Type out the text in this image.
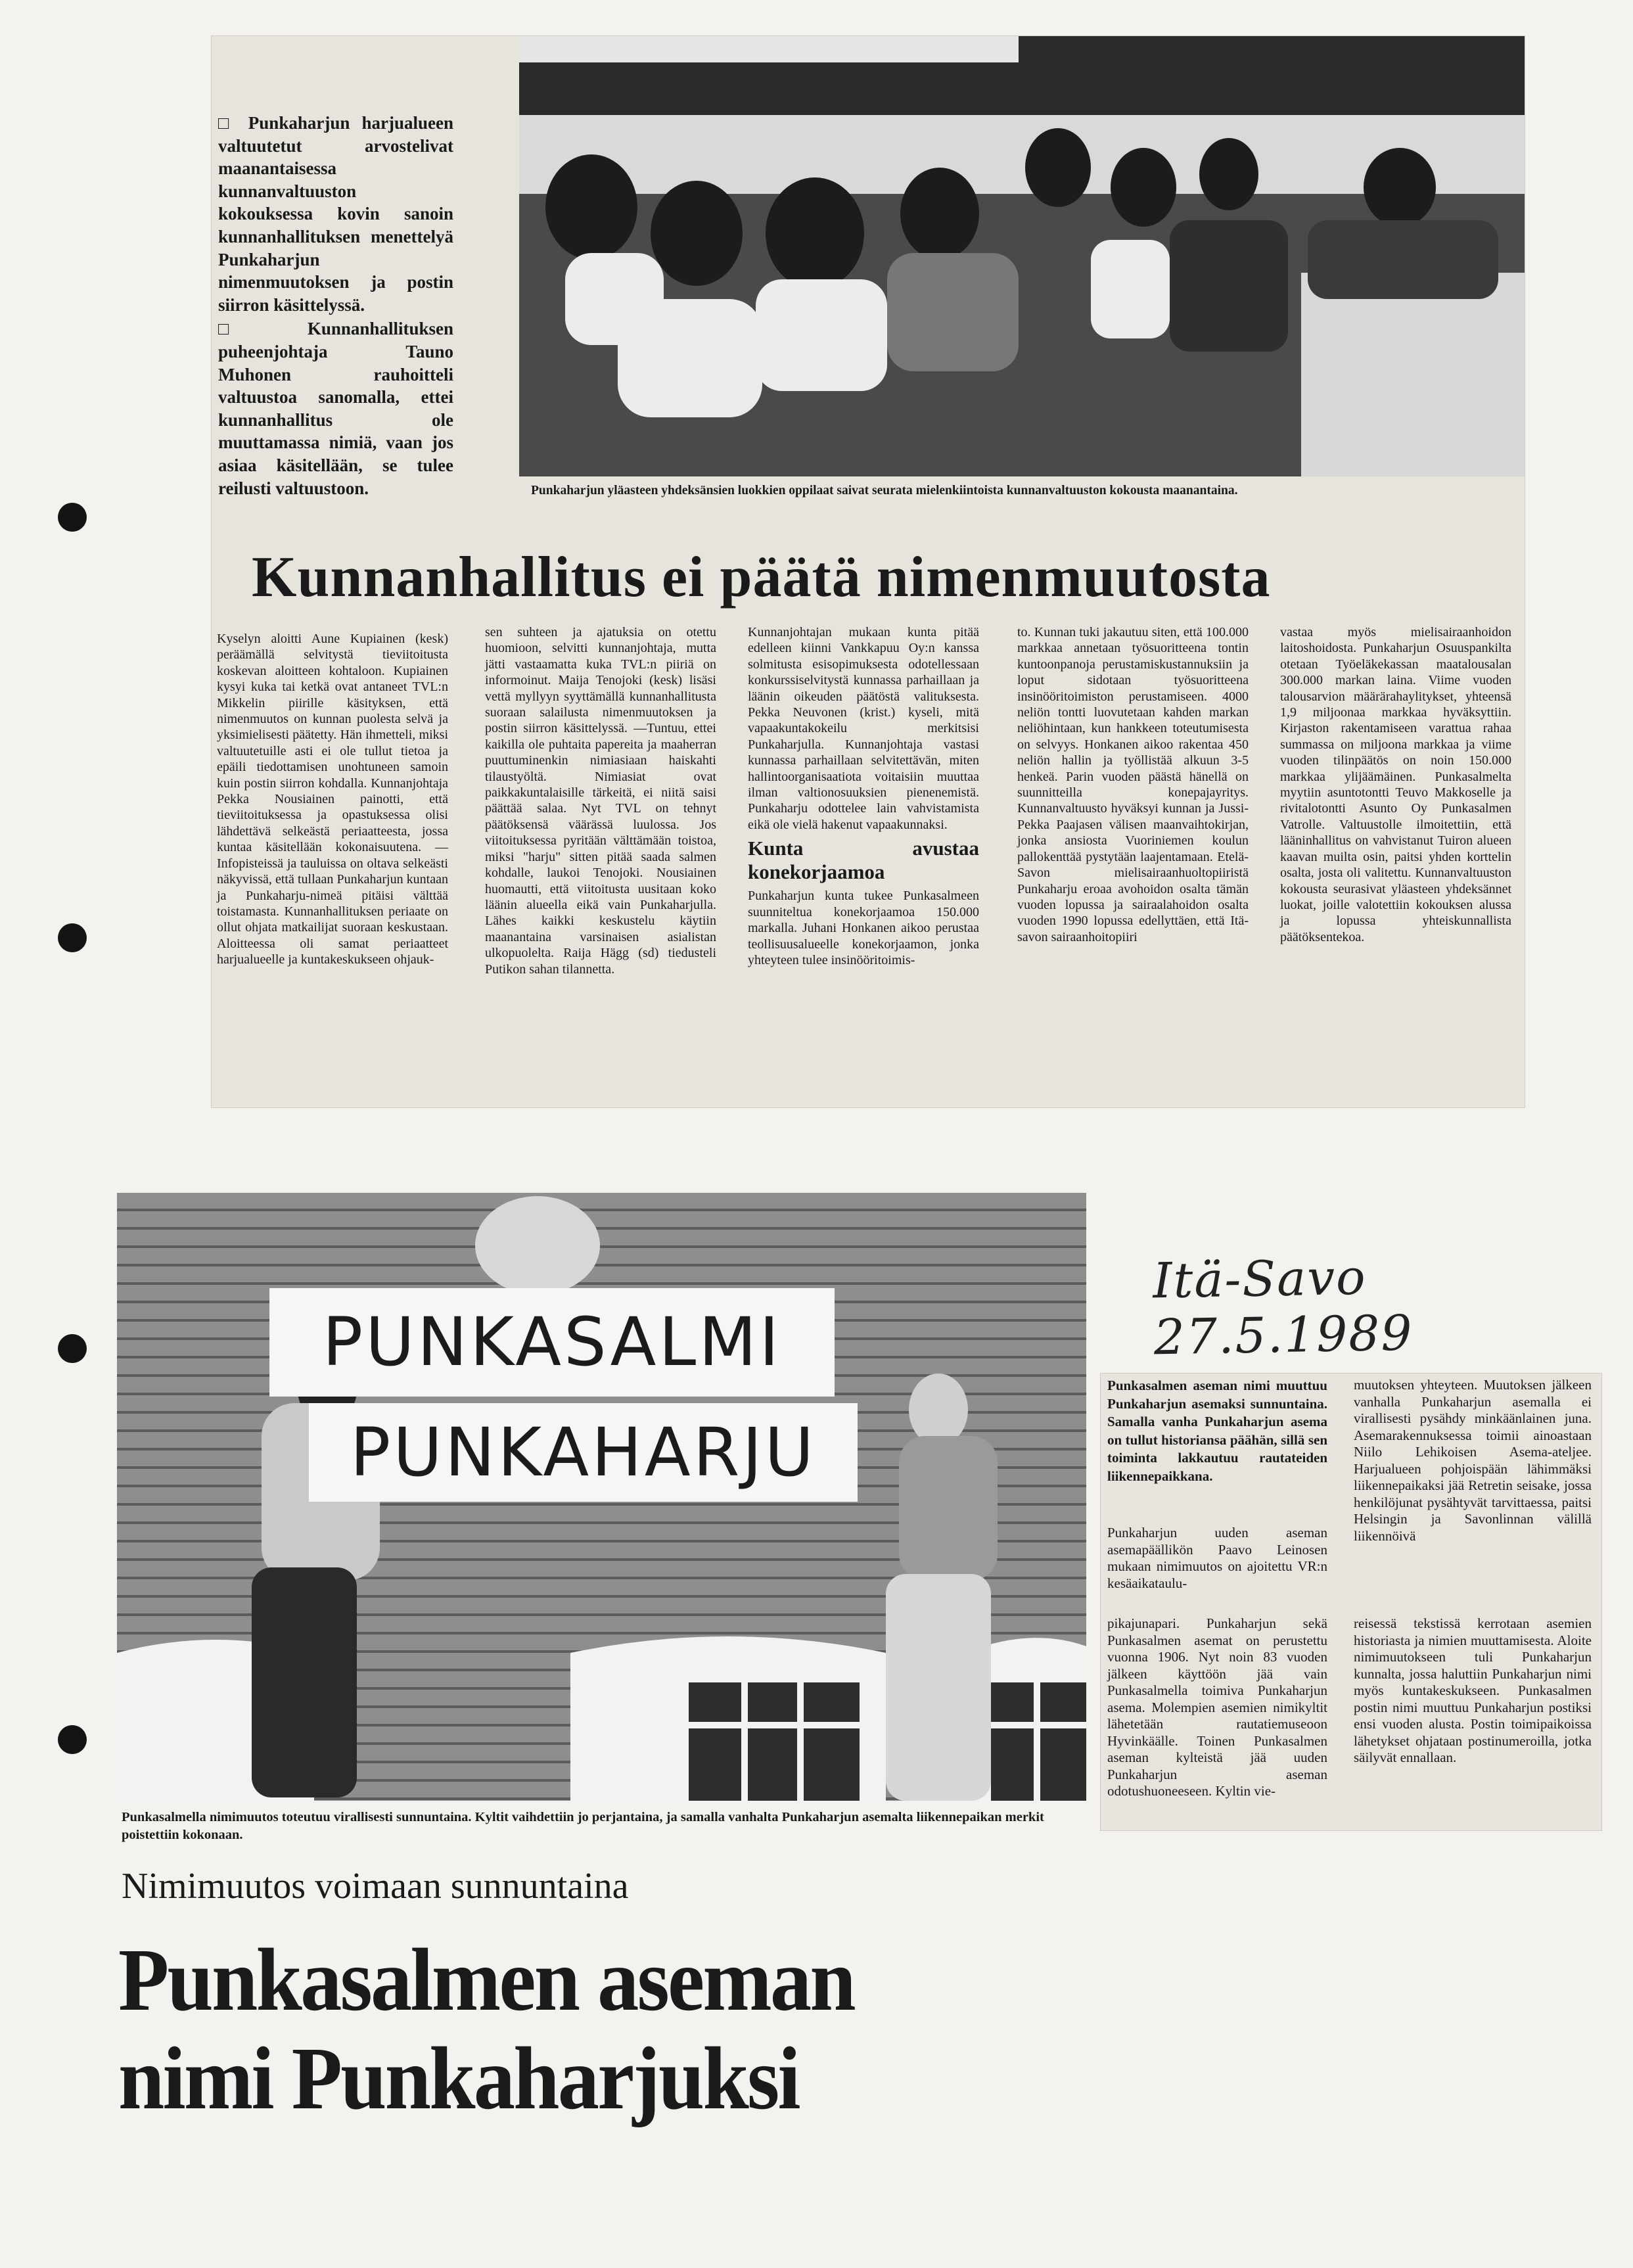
Itä-Savo 27.5.1989

□ Punkaharjun harjualueen valtuutetut arvostelivat maanantaisessa kunnanvaltuuston kokouksessa kovin sanoin kunnanhallituksen menettelyä Punkaharjun nimenmuutoksen ja postin siirron käsittelyssä.

□ Kunnanhallituksen puheenjohtaja Tauno Muhonen rauhoitteli valtuustoa sanomalla, ettei kunnanhallitus ole muuttamassa nimiä, vaan jos asiaa käsitellään, se tulee reilusti valtuustoon.	Punkaharjun yläasteen yhdeksänsien luokkien oppilaat saivat seurata mielenkiintoista kunnanvaltuuston kokousta maanantaina.
Kunnanhallitus ei päätä nimenmuutosta
Kyselyn aloitti Aune Kupiainen (kesk) peräämällä selvitystä tieviitoitusta koskevan aloitteen kohtaloon. Kupiainen kysyi kuka tai ketkä ovat antaneet TVL:n Mikkelin piirille käsityksen, että nimenmuutos on kunnan puolesta selvä ja yksimielisesti päätetty. Hän ihmetteli, miksi valtuutetuille asti ei ole tullut tietoa ja epäili tiedottamisen unohtuneen samoin kuin postin siirron kohdalla. Kunnanjohtaja Pekka Nousiainen painotti, että tieviitoituksessa ja opastuksessa olisi lähdettävä selkeästä periaatteesta, jossa kuntaa käsitellään kokonaisuutena. —Infopisteissä ja tauluissa on oltava selkeästi näkyvissä, että tullaan Punkaharjun kuntaan ja Punkaharju-nimeä pitäisi välttää toistamasta. Kunnanhallituksen periaate on ollut ohjata matkailijat suoraan keskustaan. Aloitteessa oli samat periaatteet harjualueelle ja kuntakeskukseen ohjauk-
sen suhteen ja ajatuksia on otettu huomioon, selvitti kunnanjohtaja, mutta jätti vastaamatta kuka TVL:n piiriä on informoinut. Maija Tenojoki (kesk) lisäsi vettä myllyyn syyttämällä kunnanhallitusta suoraan salailusta nimenmuutoksen ja postin siirron käsittelyssä. —Tuntuu, ettei kaikilla ole puhtaita papereita ja maaherran puuttuminenkin nimiasiaan haiskahti tilaustyöltä. Nimiasiat ovat paikkakuntalaisille tärkeitä, ei niitä saisi päättää salaa. Nyt TVL on tehnyt päätöksensä väärässä luulossa. Jos viitoituksessa pyritään välttämään toistoa, miksi "harju" sitten pitää saada salmen kohdalle, laukoi Tenojoki. Nousiainen huomautti, että viitoitusta uusitaan koko läänin alueella eikä vain Punkaharjulla. Lähes kaikki keskustelu käytiin maanantaina varsinaisen asialistan ulkopuolelta. Raija Hägg (sd) tiedusteli Putikon sahan tilannetta.

Kunnanjohtajan mukaan kunta pitää edelleen kiinni Vankkapuu Oy:n kanssa solmitusta esisopimuksesta odotellessaan konkurssiselvitystä kunnassa parhaillaan ja läänin oikeuden päätöstä valituksesta. Pekka Neuvonen (krist.) kyseli, mitä vapaakuntakokeilu merkitsisi Punkaharjulla. Kunnanjohtaja vastasi kunnassa parhaillaan selvitettävän, miten hallintoorganisaatiota voitaisiin muuttaa ilman valtionosuuksien pienenemistä. Punkaharju odottelee lain vahvistamista eikä ole vielä hakenut vapaakunnaksi.

Kunta avustaa konekorjaamoa

Punkaharjun kunta tukee Punkasalmeen suunniteltua konekorjaamoa 150.000 markalla. Juhani Honkanen aikoo perustaa teollisuusalueelle konekorjaamon, jonka yhteyteen tulee insinööritoimis-

to. Kunnan tuki jakautuu siten, että 100.000 markkaa annetaan työsuoritteena tontin kuntoonpanoja perustamiskustannuksiin ja loput sidotaan työsuoritteena insinööritoimiston perustamiseen. 4000 neliön tontti luovutetaan kahden markan neliöhintaan, kun hankkeen toteutumisesta on selvyys. Honkanen aikoo rakentaa 450 neliön hallin ja työllistää alkuun 3-5 henkeä. Parin vuoden päästä hänellä on suunnitteilla konepajayritys. Kunnanvaltuusto hyväksyi kunnan ja Jussi-Pekka Paajasen välisen maanvaihtokirjan, jonka ansiosta Vuoriniemen koulun pallokenttää pystytään laajentamaan. Etelä-Savon mielisairaanhuoltopiiristä Punkaharju eroaa avohoidon osalta tämän vuoden lopussa ja sairaalahoidon osalta vuoden 1990 lopussa edellyttäen, että Itä-savon sairaanhoitopiiri
vastaa myös mielisairaanhoidon laitoshoidosta. Punkaharjun Osuuspankilta otetaan Työeläkekassan maatalousalan 300.000 markan laina. Viime vuoden talousarvion määrärahaylitykset, yhteensä 1,9 miljoonaa markkaa hyväksyttiin. Kirjaston rakentamiseen varattua rahaa summassa on miljoona markkaa ja viime vuoden tilinpäätös on noin 150.000 markkaa ylijäämäinen. Punkasalmelta myytiin asuntotontti Teuvo Makkoselle ja rivitalotontti Asunto Oy Punkasalmen Vatrolle. Valtuustolle ilmoitettiin, että lääninhallitus on vahvistanut Tuiron alueen kaavan muilta osin, paitsi yhden korttelin osalta, josta oli valitettu. Kunnanvaltuuston kokousta seurasivat yläasteen yhdeksännet luokat, joille valotettiin kokouksen alussa ja lopussa yhteiskunnallista päätöksentekoa.
PUNKASALMI
PUNKAHARJU
Punkasalmella nimimuutos toteutuu virallisesti sunnuntaina. Kyltit vaihdettiin jo perjantaina, ja samalla vanhalta Punkaharjun asemalta liikennepaikan merkit poistettiin kokonaan.
Nimimuutos voimaan sunnuntaina
Punkasalmen aseman
nimi Punkaharjuksi
Punkasalmen aseman nimi muuttuu Punkaharjun asemaksi sunnuntaina. Samalla vanha Punkaharjun asema on tullut historiansa päähän, sillä sen toiminta lakkautuu rautateiden liikennepaikkana.
Punkaharjun uuden aseman asemapäällikön Paavo Leinosen mukaan nimimuutos on ajoitettu VR:n kesäaikataulu-
muutoksen yhteyteen. Muutoksen jälkeen vanhalla Punkaharjun asemalla ei virallisesti pysähdy minkäänlainen juna. Asemarakennuksessa toimii ainoastaan Niilo Lehikoisen Asema-ateljee. Harjualueen pohjoispään lähimmäksi liikennepaikaksi jää Retretin seisake, jossa henkilöjunat pysähtyvät tarvittaessa, paitsi Helsingin ja Savonlinnan välillä liikennöivä
pikajunapari. Punkaharjun sekä Punkasalmen asemat on perustettu vuonna 1906. Nyt noin 83 vuoden jälkeen käyttöön jää vain Punkasalmella toimiva Punkaharjun asema. Molempien asemien nimikyltit lähetetään rautatiemuseoon Hyvinkäälle. Toinen Punkasalmen aseman kylteistä jää uuden Punkaharjun aseman odotushuoneeseen. Kyltin vie-
reisessä tekstissä kerrotaan asemien historiasta ja nimien muuttamisesta. Aloite nimimuutokseen tuli Punkaharjun kunnalta, jossa haluttiin Punkaharjun nimi myös kuntakeskukseen. Punkasalmen postin nimi muuttuu Punkaharjun postiksi ensi vuoden alusta. Postin toimipaikoissa lähetykset ohjataan postinumeroilla, jotka säilyvät ennallaan.
